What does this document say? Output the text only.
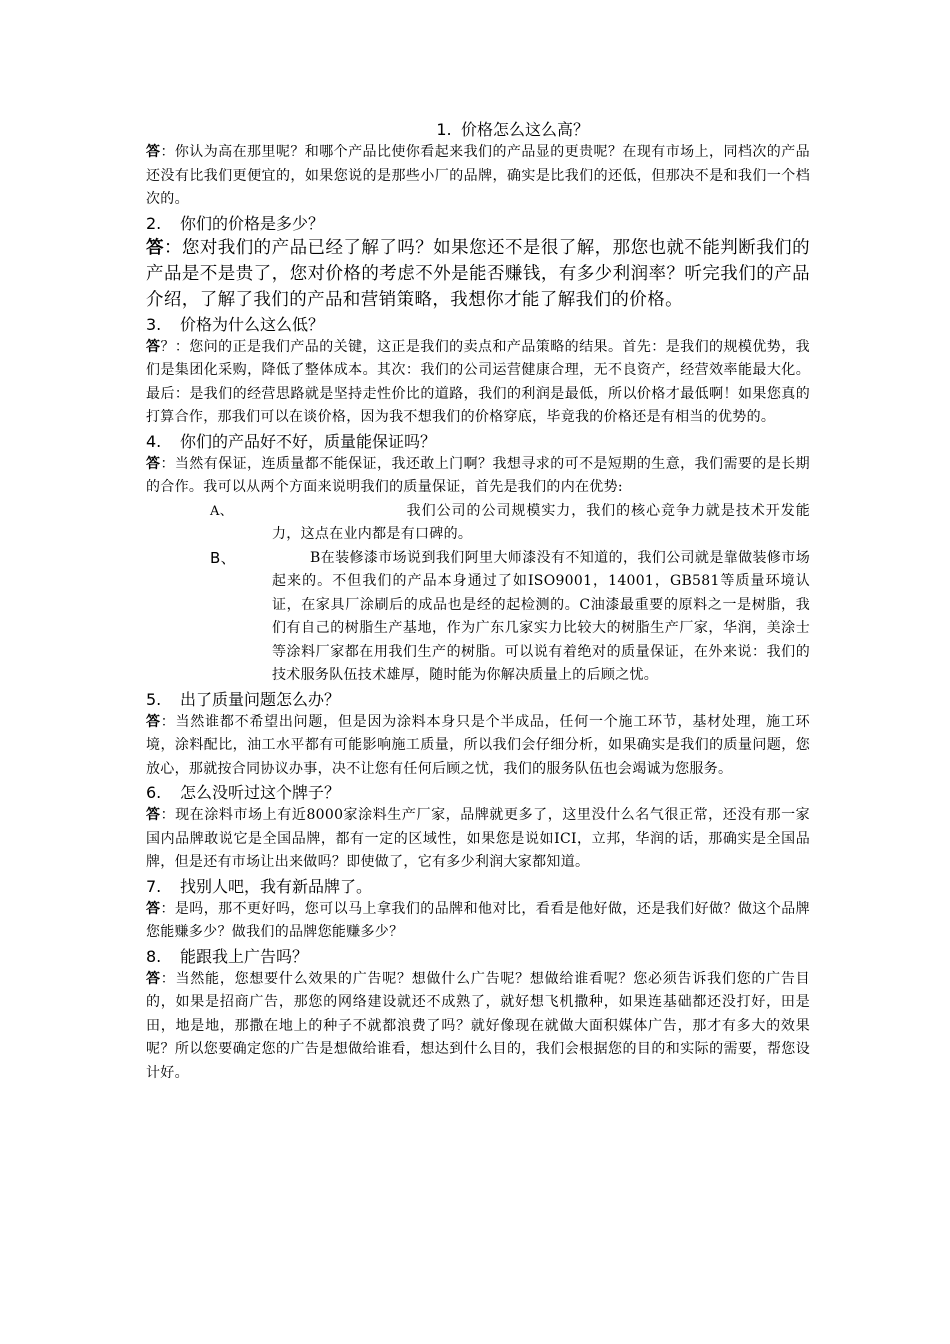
1. 价格怎么这么高？

答：你认为高在那里呢？和哪个产品比使你看起来我们的产品显的更贵呢？在现有市场上，同档次的产品还没有比我们更便宜的，如果您说的是那些小厂的品牌，确实是比我们的还低，但那决不是和我们一个档次的。

2. 你们的价格是多少？

答：您对我们的产品已经了解了吗？如果您还不是很了解，那您也就不能判断我们的产品是不是贵了，您对价格的考虑不外是能否赚钱，有多少利润率？听完我们的产品介绍，了解了我们的产品和营销策略，我想你才能了解我们的价格。

3. 价格为什么这么低？

答？：您问的正是我们产品的关键，这正是我们的卖点和产品策略的结果。首先：是我们的规模优势，我们是集团化采购，降低了整体成本。其次：我们的公司运营健康合理，无不良资产，经营效率能最大化。最后：是我们的经营思路就是坚持走性价比的道路，我们的利润是最低，所以价格才最低啊！如果您真的打算合作，那我们可以在谈价格，因为我不想我们的价格穿底，毕竟我的价格还是有相当的优势的。

4. 你们的产品好不好，质量能保证吗？

答：当然有保证，连质量都不能保证，我还敢上门啊？我想寻求的可不是短期的生意，我们需要的是长期的合作。我可以从两个方面来说明我们的质量保证，首先是我们的内在优势:

A、	我们公司的公司规模实力，我们的核心竞争力就是技术开发能力，这点在业内都是有口碑的。

B、	B在装修漆市场说到我们阿里大师漆没有不知道的，我们公司就是靠做装修市场起来的。不但我们的产品本身通过了如ISO9001，14001，GB581等质量环境认证，在家具厂涂刷后的成品也是经的起检测的。C油漆最重要的原料之一是树脂，我们有自己的树脂生产基地，作为广东几家实力比较大的树脂生产厂家，华润，美涂士等涂料厂家都在用我们生产的树脂。可以说有着绝对的质量保证，在外来说：我们的技术服务队伍技术雄厚，随时能为你解决质量上的后顾之忧。

5. 出了质量问题怎么办？

答：当然谁都不希望出问题，但是因为涂料本身只是个半成品，任何一个施工环节，基材处理，施工环境，涂料配比，油工水平都有可能影响施工质量，所以我们会仔细分析，如果确实是我们的质量问题，您放心，那就按合同协议办事，决不让您有任何后顾之忧，我们的服务队伍也会竭诚为您服务。

6. 怎么没听过这个牌子？

答：现在涂料市场上有近8000家涂料生产厂家，品牌就更多了，这里没什么名气很正常，还没有那一家国内品牌敢说它是全国品牌，都有一定的区域性，如果您是说如ICI，立邦，华润的话，那确实是全国品牌，但是还有市场让出来做吗？即使做了，它有多少利润大家都知道。

7. 找别人吧，我有新品牌了。

答：是吗，那不更好吗，您可以马上拿我们的品牌和他对比，看看是他好做，还是我们好做？做这个品牌您能赚多少？做我们的品牌您能赚多少？

8. 能跟我上广告吗？

答：当然能，您想要什么效果的广告呢？想做什么广告呢？想做给谁看呢？您必须告诉我们您的广告目的，如果是招商广告，那您的网络建设就还不成熟了，就好想飞机撒种，如果连基础都还没打好，田是田，地是地，那撒在地上的种子不就都浪费了吗？就好像现在就做大面积媒体广告，那才有多大的效果呢？所以您要确定您的广告是想做给谁看，想达到什么目的，我们会根据您的目的和实际的需要，帮您设计好。
